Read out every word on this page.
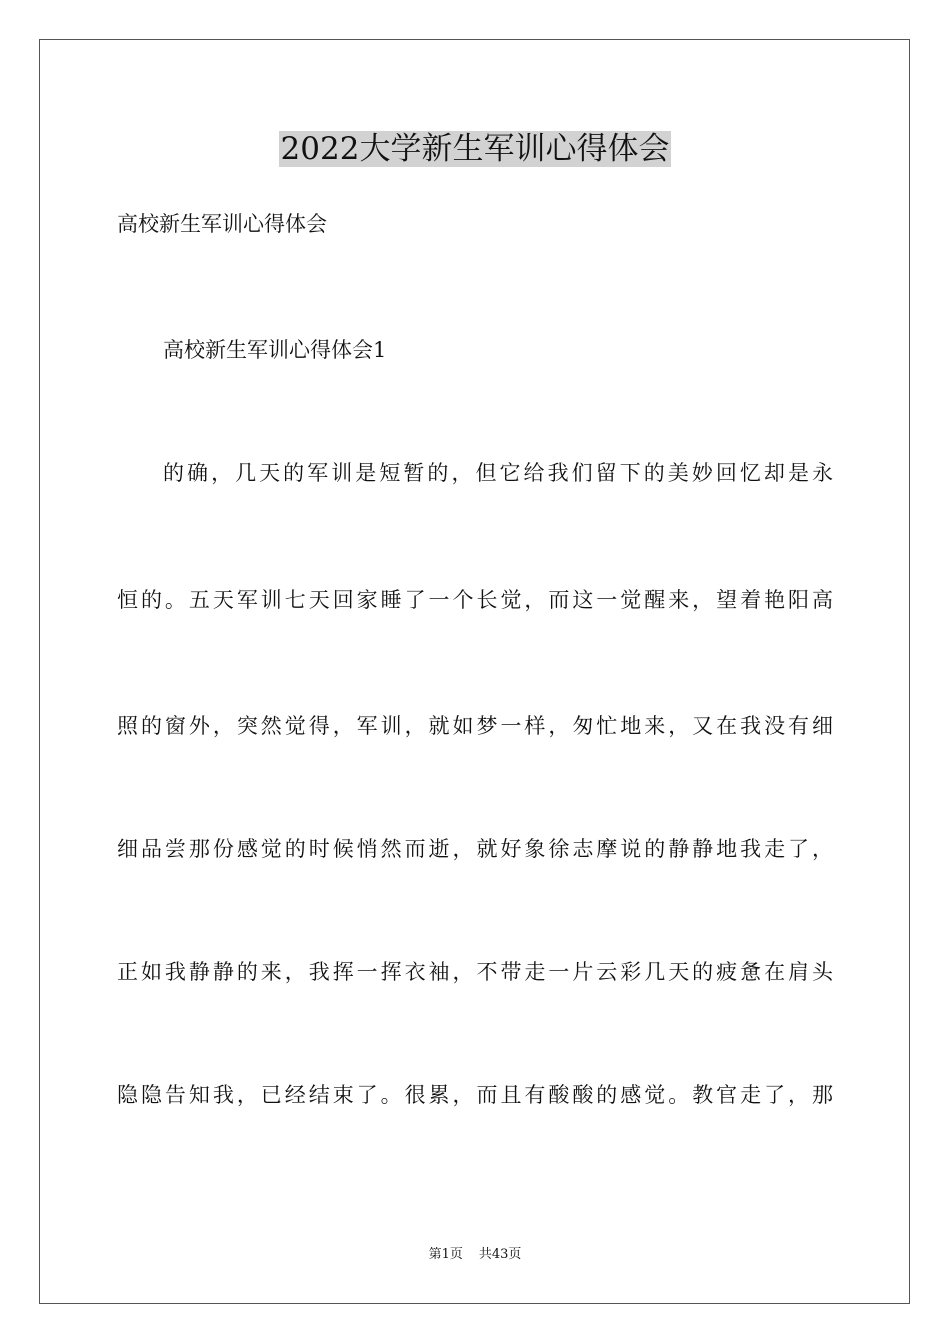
2022大学新生军训心得体会
高校新生军训心得体会
高校新生军训心得体会1
的确，几天的军训是短暂的，但它给我们留下的美妙回忆却是永
恒的。五天军训七天回家睡了一个长觉，而这一觉醒来，望着艳阳高
照的窗外，突然觉得，军训，就如梦一样，匆忙地来，又在我没有细
细品尝那份感觉的时候悄然而逝，就好象徐志摩说的静静地我走了，
正如我静静的来，我挥一挥衣袖，不带走一片云彩几天的疲惫在肩头
隐隐告知我，已经结束了。很累，而且有酸酸的感觉。教官走了，那
第1页 共43页
